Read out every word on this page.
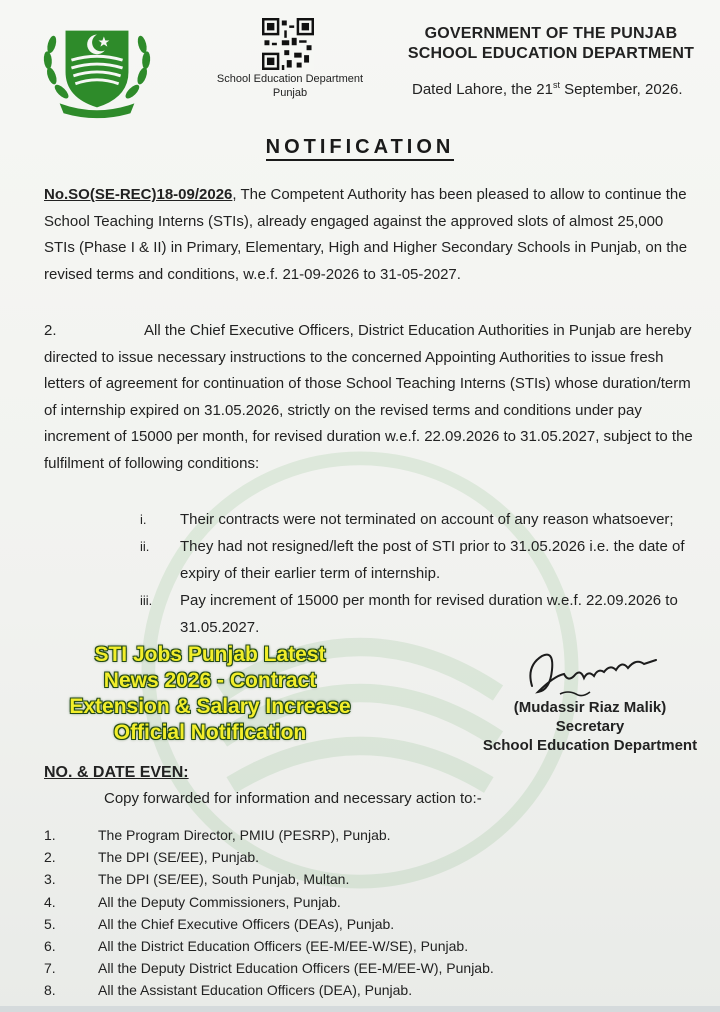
School Education Department
Punjab
GOVERNMENT OF THE PUNJAB
SCHOOL EDUCATION DEPARTMENT
Dated Lahore, the 21st September, 2026.
NOTIFICATION
No.SO(SE-REC)18-09/2026, The Competent Authority has been pleased to allow to continue the School Teaching Interns (STIs), already engaged against the approved slots of almost 25,000 STIs (Phase I & II) in Primary, Elementary, High and Higher Secondary Schools in Punjab, on the revised terms and conditions, w.e.f. 21-09-2026 to 31-05-2027.
2.	All the Chief Executive Officers, District Education Authorities in Punjab are hereby directed to issue necessary instructions to the concerned Appointing Authorities to issue fresh letters of agreement for continuation of those School Teaching Interns (STIs) whose duration/term of internship expired on 31.05.2026, strictly on the revised terms and conditions under pay increment of 15000 per month, for revised duration w.e.f. 22.09.2026 to 31.05.2027, subject to the fulfilment of following conditions:
i.	Their contracts were not terminated on account of any reason whatsoever;
ii.	They had not resigned/left the post of STI prior to 31.05.2026 i.e. the date of expiry of their earlier term of internship.
iii.	Pay increment of 15000 per month for revised duration w.e.f. 22.09.2026 to 31.05.2027.
STI Jobs Punjab Latest
News 2026 - Contract
Extension & Salary Increase
Official Notification
(Mudassir Riaz Malik)
Secretary
School Education Department
NO. & DATE EVEN:
Copy forwarded for information and necessary action to:-
1.	The Program Director, PMIU (PESRP), Punjab.
2.	The DPI (SE/EE), Punjab.
3.	The DPI (SE/EE), South Punjab, Multan.
4.	All the Deputy Commissioners, Punjab.
5.	All the Chief Executive Officers (DEAs), Punjab.
6.	All the District Education Officers (EE-M/EE-W/SE), Punjab.
7.	All the Deputy District Education Officers (EE-M/EE-W), Punjab.
8.	All the Assistant Education Officers (DEA), Punjab.
